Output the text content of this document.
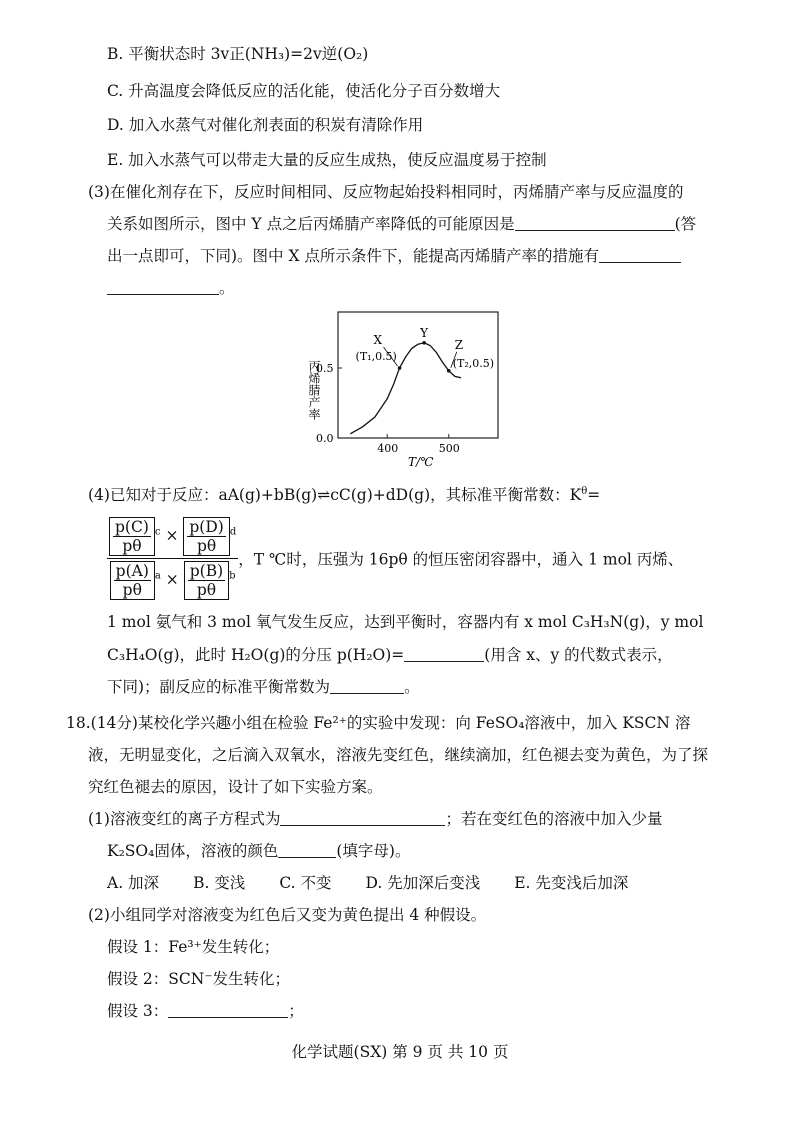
B. 平衡状态时 3v正(NH₃)=2v逆(O₂)
C. 升高温度会降低反应的活化能，使活化分子百分数增大
D. 加入水蒸气对催化剂表面的积炭有清除作用
E. 加入水蒸气可以带走大量的反应生成热，使反应温度易于控制
(3)在催化剂存在下，反应时间相同、反应物起始投料相同时，丙烯腈产率与反应温度的
关系如图所示，图中 Y 点之后丙烯腈产率降低的可能原因是	(答
出一点即可，下同)。图中 X 点所示条件下，能提高丙烯腈产率的措施有
。
丙烯腈产率
T/℃
400	500
0.0
0.5
X
(T₁,0.5)
Y
Z
(T₂,0.5)
(4)已知对于反应：aA(g)+bB(g)⇌cC(g)+dD(g)，其标准平衡常数：$K^\theta=$
$\frac{\frac{p(C)}{p\theta} ^c \times \frac{p(D)}{p\theta} ^d}{\frac{p(A)}{p\theta} ^a \times \frac{p(B)}{p\theta} ^b}$ ，T ℃时，压强为 16pθ 的恒压密闭容器中，通入 1 mol 丙烯、
1 mol 氨气和 3 mol 氧气发生反应，达到平衡时，容器内有 x mol C₃H₃N(g)，y mol
C₃H₄O(g)，此时 H₂O(g)的分压 p(H₂O)=	(用含 x、y 的代数式表示，
下同)；副反应的标准平衡常数为	。
18.(14分)某校化学兴趣小组在检验 Fe²⁺的实验中发现：向 FeSO₄溶液中，加入 KSCN 溶
液，无明显变化，之后滴入双氧水，溶液先变红色，继续滴加，红色褪去变为黄色，为了探
究红色褪去的原因，设计了如下实验方案。
(1)溶液变红的离子方程式为	；若在变红色的溶液中加入少量
K₂SO₄固体，溶液的颜色	(填字母)。
A. 加深 B. 变浅 C. 不变 D. 先加深后变浅 E. 先变浅后加深
(2)小组同学对溶液变为红色后又变为黄色提出 4 种假设。
假设 1：Fe³⁺发生转化；
假设 2：SCN⁻发生转化；
假设 3：	；
化学试题(SX) 第 9 页 共 10 页
